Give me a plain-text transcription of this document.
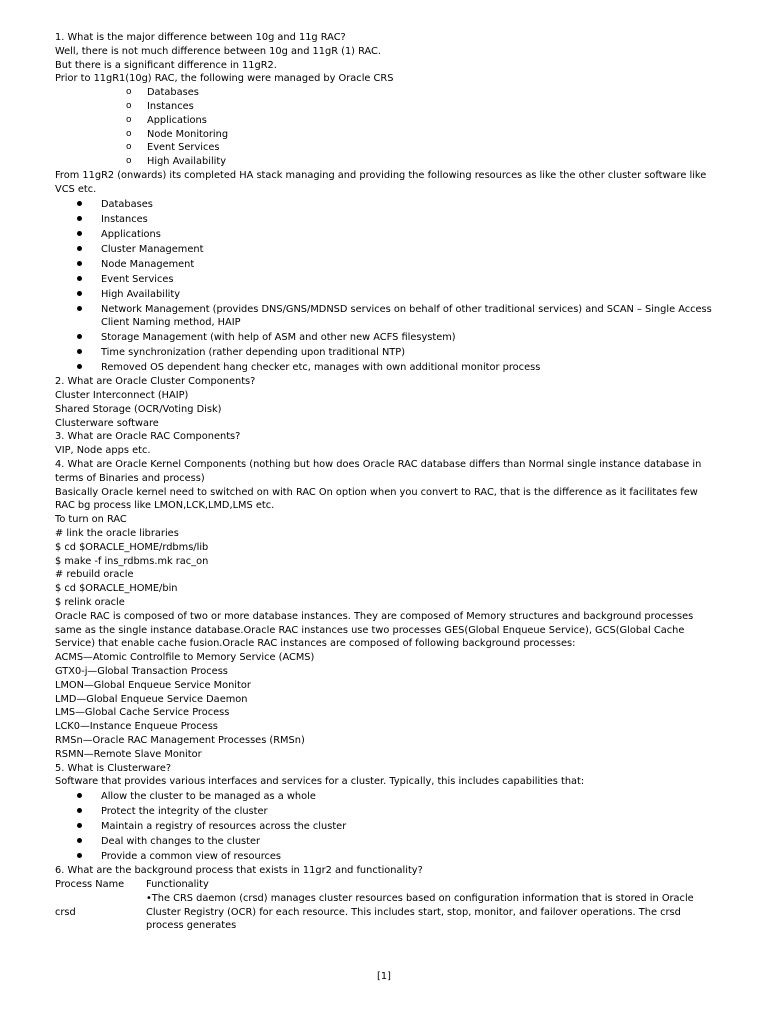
1. What is the major difference between 10g and 11g RAC?

Well, there is not much difference between 10g and 11gR (1) RAC.

But there is a significant difference in 11gR2.

Prior to 11gR1(10g) RAC, the following were managed by Oracle CRS

o Databases
o Instances
o Applications
o Node Monitoring
o Event Services
o High Availability

From 11gR2 (onwards) its completed HA stack managing and providing the following resources as like the other cluster software like VCS etc.

Databases
Instances
Applications
Cluster Management
Node Management
Event Services
High Availability
Network Management (provides DNS/GNS/MDNSD services on behalf of other traditional services) and SCAN – Single Access Client Naming method, HAIP
Storage Management (with help of ASM and other new ACFS filesystem)
Time synchronization (rather depending upon traditional NTP)
Removed OS dependent hang checker etc, manages with own additional monitor process

2. What are Oracle Cluster Components?

Cluster Interconnect (HAIP)

Shared Storage (OCR/Voting Disk)

Clusterware software

3. What are Oracle RAC Components?

VIP, Node apps etc.

4. What are Oracle Kernel Components (nothing but how does Oracle RAC database differs than Normal single instance database in terms of Binaries and process)

Basically Oracle kernel need to switched on with RAC On option when you convert to RAC, that is the difference as it facilitates few RAC bg process like LMON,LCK,LMD,LMS etc.

To turn on RAC

# link the oracle libraries

$ cd $ORACLE_HOME/rdbms/lib

$ make -f ins_rdbms.mk rac_on

# rebuild oracle

$ cd $ORACLE_HOME/bin

$ relink oracle

Oracle RAC is composed of two or more database instances. They are composed of Memory structures and background processes same as the single instance database.Oracle RAC instances use two processes GES(Global Enqueue Service), GCS(Global Cache Service) that enable cache fusion.Oracle RAC instances are composed of following background processes:

ACMS—Atomic Controlfile to Memory Service (ACMS)

GTX0-j—Global Transaction Process

LMON—Global Enqueue Service Monitor

LMD—Global Enqueue Service Daemon

LMS—Global Cache Service Process

LCK0—Instance Enqueue Process

RMSn—Oracle RAC Management Processes (RMSn)

RSMN—Remote Slave Monitor

5. What is Clusterware?

Software that provides various interfaces and services for a cluster. Typically, this includes capabilities that:

Allow the cluster to be managed as a whole
Protect the integrity of the cluster
Maintain a registry of resources across the cluster
Deal with changes to the cluster
Provide a common view of resources

6. What are the background process that exists in 11gr2 and functionality?

Process Name Functionality
crsd
•The CRS daemon (crsd) manages cluster resources based on configuration information that is stored in Oracle Cluster Registry (OCR) for each resource. This includes start, stop, monitor, and failover operations. The crsd process generates
[1]
